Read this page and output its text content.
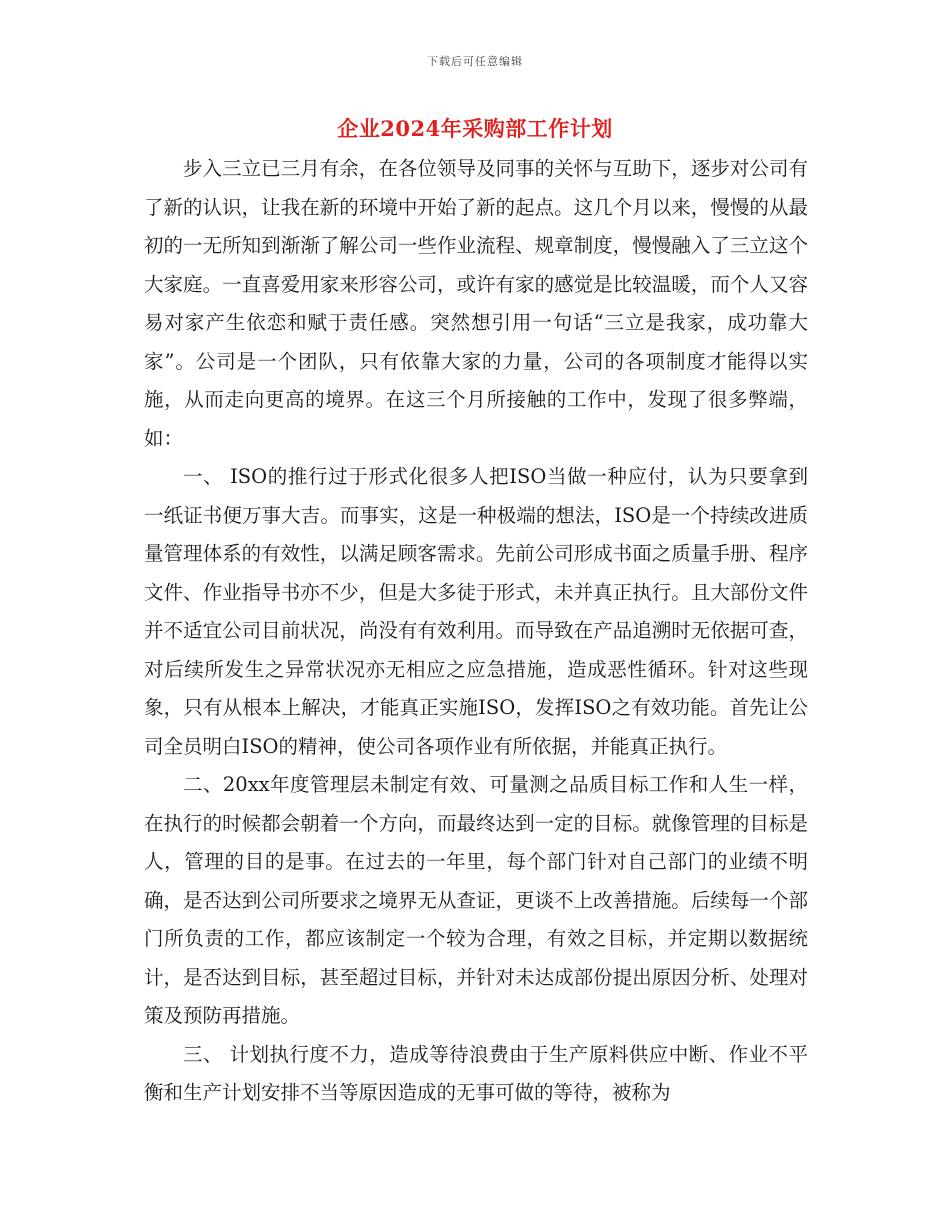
下载后可任意编辑
企业2024年采购部工作计划

步入三立已三月有余，在各位领导及同事的关怀与互助下，逐步对公司有了新的认识，让我在新的环境中开始了新的起点。这几个月以来，慢慢的从最初的一无所知到渐渐了解公司一些作业流程、规章制度，慢慢融入了三立这个大家庭。一直喜爱用家来形容公司，或许有家的感觉是比较温暖，而个人又容易对家产生依恋和赋于责任感。突然想引用一句话“三立是我家，成功靠大家”。公司是一个团队，只有依靠大家的力量，公司的各项制度才能得以实施，从而走向更高的境界。在这三个月所接触的工作中，发现了很多弊端，如：

一、 ISO的推行过于形式化很多人把ISO当做一种应付，认为只要拿到一纸证书便万事大吉。而事实，这是一种极端的想法，ISO是一个持续改进质量管理体系的有效性，以满足顾客需求。先前公司形成书面之质量手册、程序文件、作业指导书亦不少，但是大多徒于形式，未并真正执行。且大部份文件并不适宜公司目前状况，尚没有有效利用。而导致在产品追溯时无依据可查，对后续所发生之异常状况亦无相应之应急措施，造成恶性循环。针对这些现象，只有从根本上解决，才能真正实施ISO，发挥ISO之有效功能。首先让公司全员明白ISO的精神，使公司各项作业有所依据，并能真正执行。

二、20xx年度管理层未制定有效、可量测之品质目标工作和人生一样，在执行的时候都会朝着一个方向，而最终达到一定的目标。就像管理的目标是人，管理的目的是事。在过去的一年里，每个部门针对自己部门的业绩不明确，是否达到公司所要求之境界无从查证，更谈不上改善措施。后续每一个部门所负责的工作，都应该制定一个较为合理，有效之目标，并定期以数据统计，是否达到目标，甚至超过目标，并针对未达成部份提出原因分析、处理对策及预防再措施。

三、 计划执行度不力，造成等待浪费由于生产原料供应中断、作业不平衡和生产计划安排不当等原因造成的无事可做的等待，被称为
